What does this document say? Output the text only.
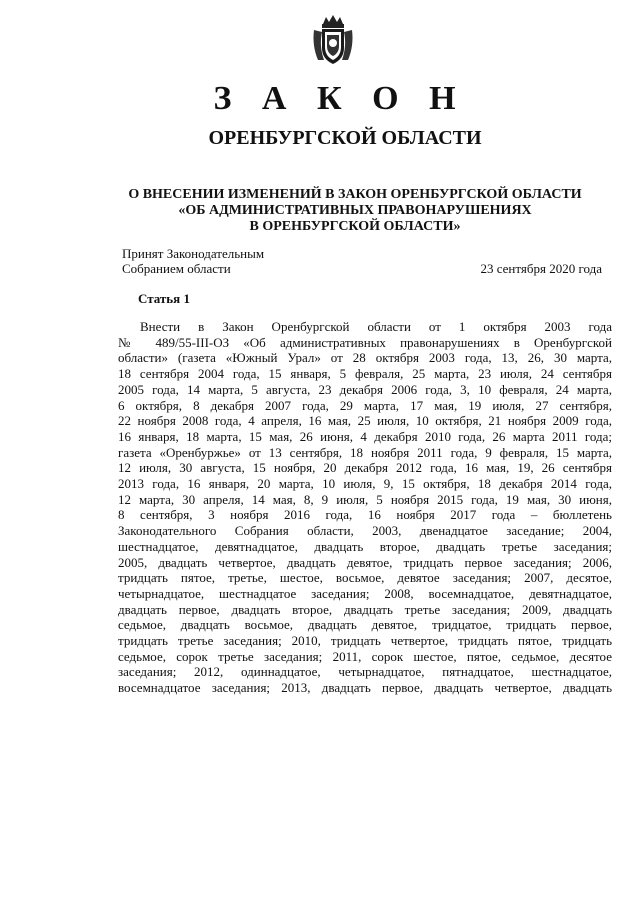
З А К О Н
ОРЕНБУРГСКОЙ ОБЛАСТИ
О ВНЕСЕНИИ ИЗМЕНЕНИЙ В ЗАКОН ОРЕНБУРГСКОЙ ОБЛАСТИ
«ОБ АДМИНИСТРАТИВНЫХ ПРАВОНАРУШЕНИЯХ
В ОРЕНБУРГСКОЙ ОБЛАСТИ»
Принят Законодательным
Собранием области	23 сентября 2020 года
Статья 1
Внести в Закон Оренбургской области от 1 октября 2003 года
№ 489/55-III-ОЗ «Об административных правонарушениях в Оренбургской
области» (газета «Южный Урал» от 28 октября 2003 года, 13, 26, 30 марта,
18 сентября 2004 года, 15 января, 5 февраля, 25 марта, 23 июля, 24 сентября
2005 года, 14 марта, 5 августа, 23 декабря 2006 года, 3, 10 февраля, 24 марта,
6 октября, 8 декабря 2007 года, 29 марта, 17 мая, 19 июля, 27 сентября,
22 ноября 2008 года, 4 апреля, 16 мая, 25 июля, 10 октября, 21 ноября 2009 года,
16 января, 18 марта, 15 мая, 26 июня, 4 декабря 2010 года, 26 марта 2011 года;
газета «Оренбуржье» от 13 сентября, 18 ноября 2011 года, 9 февраля, 15 марта,
12 июля, 30 августа, 15 ноября, 20 декабря 2012 года, 16 мая, 19, 26 сентября
2013 года, 16 января, 20 марта, 10 июля, 9, 15 октября, 18 декабря 2014 года,
12 марта, 30 апреля, 14 мая, 8, 9 июля, 5 ноября 2015 года, 19 мая, 30 июня,
8 сентября, 3 ноября 2016 года, 16 ноября 2017 года – бюллетень
Законодательного Собрания области, 2003, двенадцатое заседание; 2004,
шестнадцатое, девятнадцатое, двадцать второе, двадцать третье заседания;
2005, двадцать четвертое, двадцать девятое, тридцать первое заседания; 2006,
тридцать пятое, третье, шестое, восьмое, девятое заседания; 2007, десятое,
четырнадцатое, шестнадцатое заседания; 2008, восемнадцатое, девятнадцатое,
двадцать первое, двадцать второе, двадцать третье заседания; 2009, двадцать
седьмое, двадцать восьмое, двадцать девятое, тридцатое, тридцать первое,
тридцать третье заседания; 2010, тридцать четвертое, тридцать пятое, тридцать
седьмое, сорок третье заседания; 2011, сорок шестое, пятое, седьмое, десятое
заседания; 2012, одиннадцатое, четырнадцатое, пятнадцатое, шестнадцатое,
восемнадцатое заседания; 2013, двадцать первое, двадцать четвертое, двадцать
